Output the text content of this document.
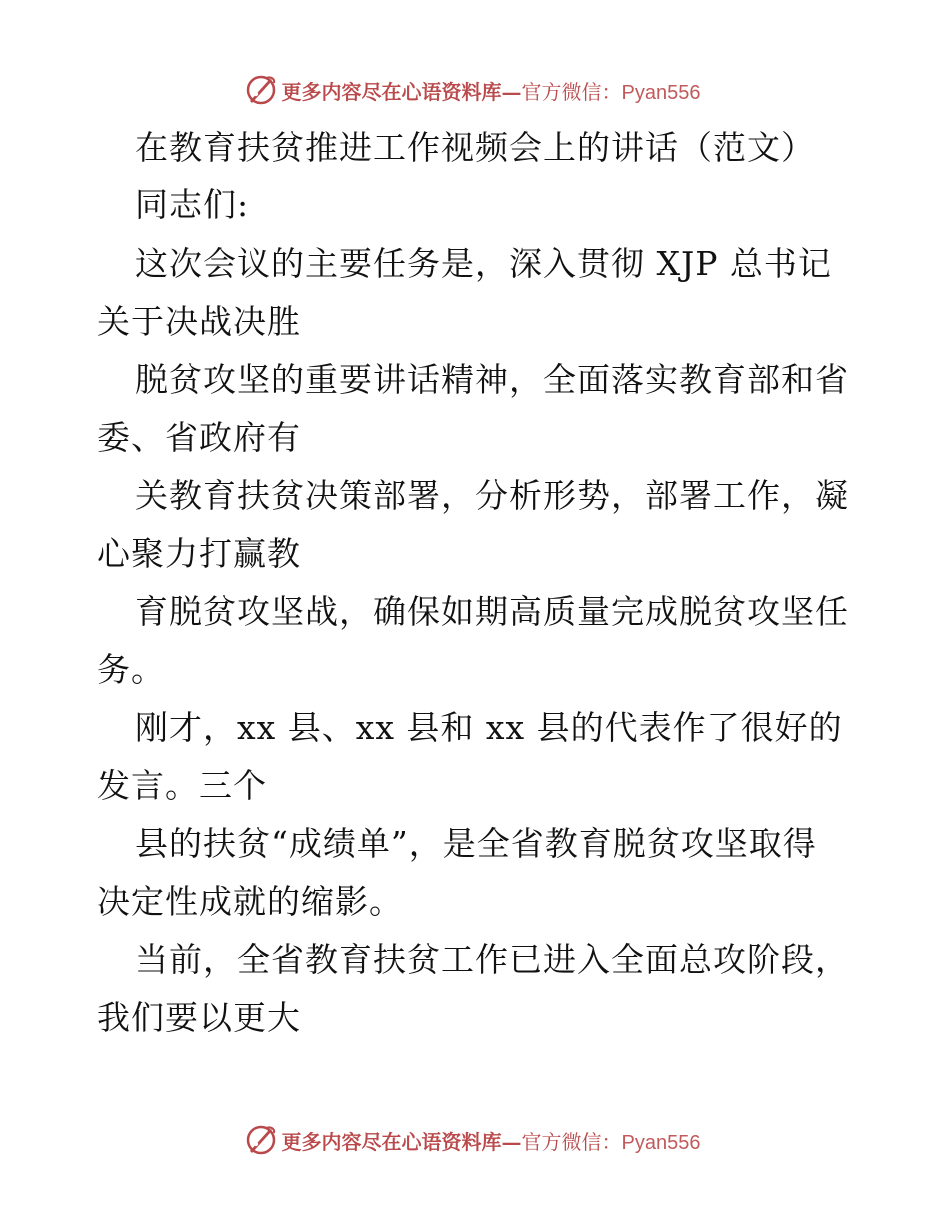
更多内容尽在心语资料库—官方微信：Pyan556
在教育扶贫推进工作视频会上的讲话（范文）
同志们:
这次会议的主要任务是，深入贯彻 XJP 总书记
关于决战决胜
脱贫攻坚的重要讲话精神，全面落实教育部和省
委、省政府有
关教育扶贫决策部署，分析形势，部署工作，凝
心聚力打赢教
育脱贫攻坚战，确保如期高质量完成脱贫攻坚任
务。
刚才，xx 县、xx 县和 xx 县的代表作了很好的
发言。三个
县的扶贫“成绩单”，是全省教育脱贫攻坚取得
决定性成就的缩影。
当前，全省教育扶贫工作已进入全面总攻阶段，
我们要以更大
更多内容尽在心语资料库—官方微信：Pyan556
